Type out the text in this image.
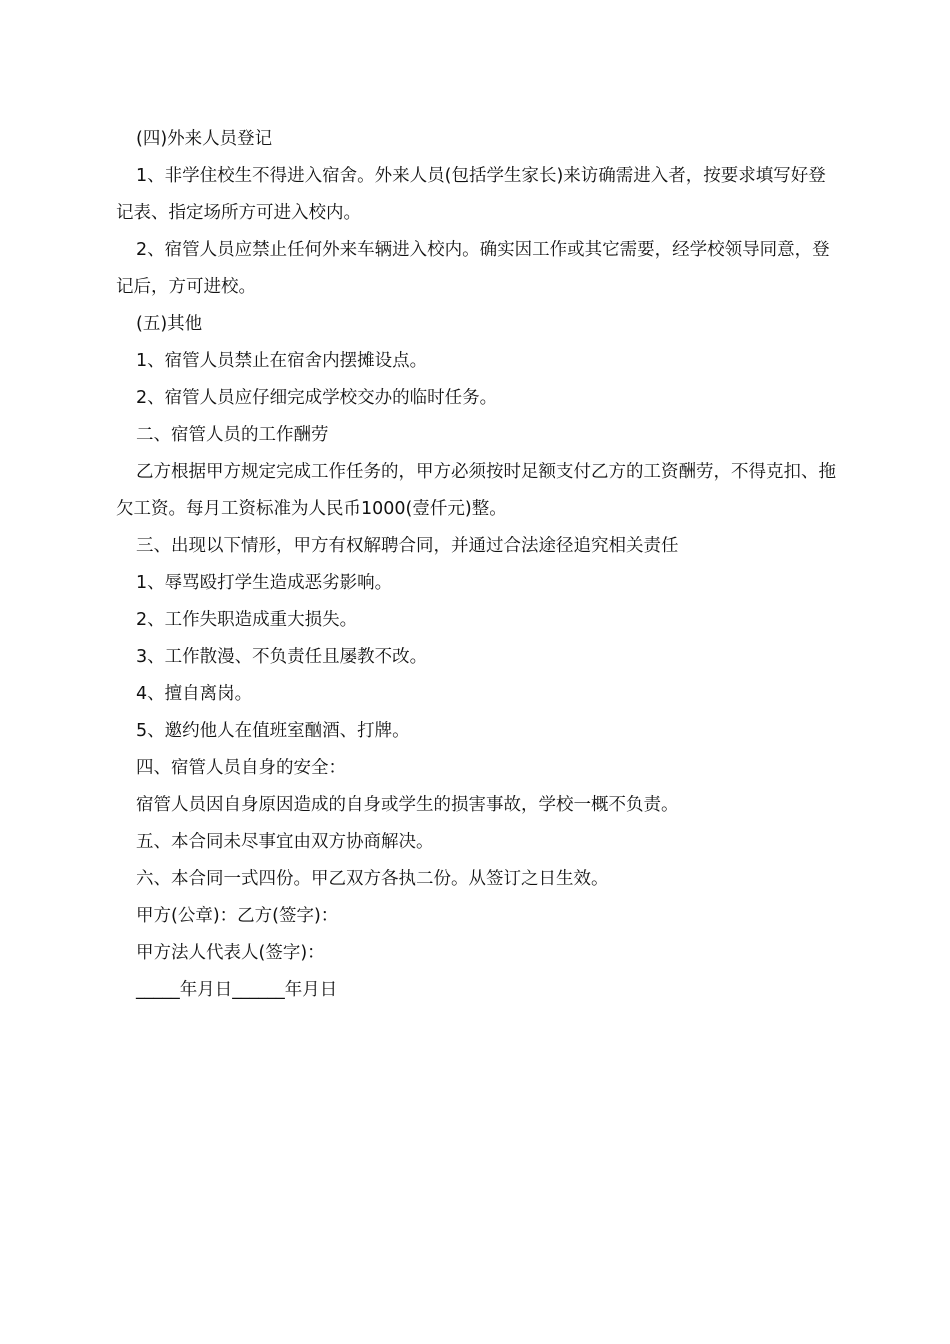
(四)外来人员登记

1、非学住校生不得进入宿舍。外来人员(包括学生家长)来访确需进入者，按要求填写好登记表、指定场所方可进入校内。

2、宿管人员应禁止任何外来车辆进入校内。确实因工作或其它需要，经学校领导同意，登记后，方可进校。

(五)其他

1、宿管人员禁止在宿舍内摆摊设点。

2、宿管人员应仔细完成学校交办的临时任务。

二、宿管人员的工作酬劳

乙方根据甲方规定完成工作任务的，甲方必须按时足额支付乙方的工资酬劳，不得克扣、拖欠工资。每月工资标准为人民币1000(壹仟元)整。

三、出现以下情形，甲方有权解聘合同，并通过合法途径追究相关责任

1、辱骂殴打学生造成恶劣影响。

2、工作失职造成重大损失。

3、工作散漫、不负责任且屡教不改。

4、擅自离岗。

5、邀约他人在值班室酗酒、打牌。

四、宿管人员自身的安全：

宿管人员因自身原因造成的自身或学生的损害事故，学校一概不负责。

五、本合同未尽事宜由双方协商解决。

六、本合同一式四份。甲乙双方各执二份。从签订之日生效。

甲方(公章)：乙方(签字)：

甲方法人代表人(签字)：

_____年月日______年月日
